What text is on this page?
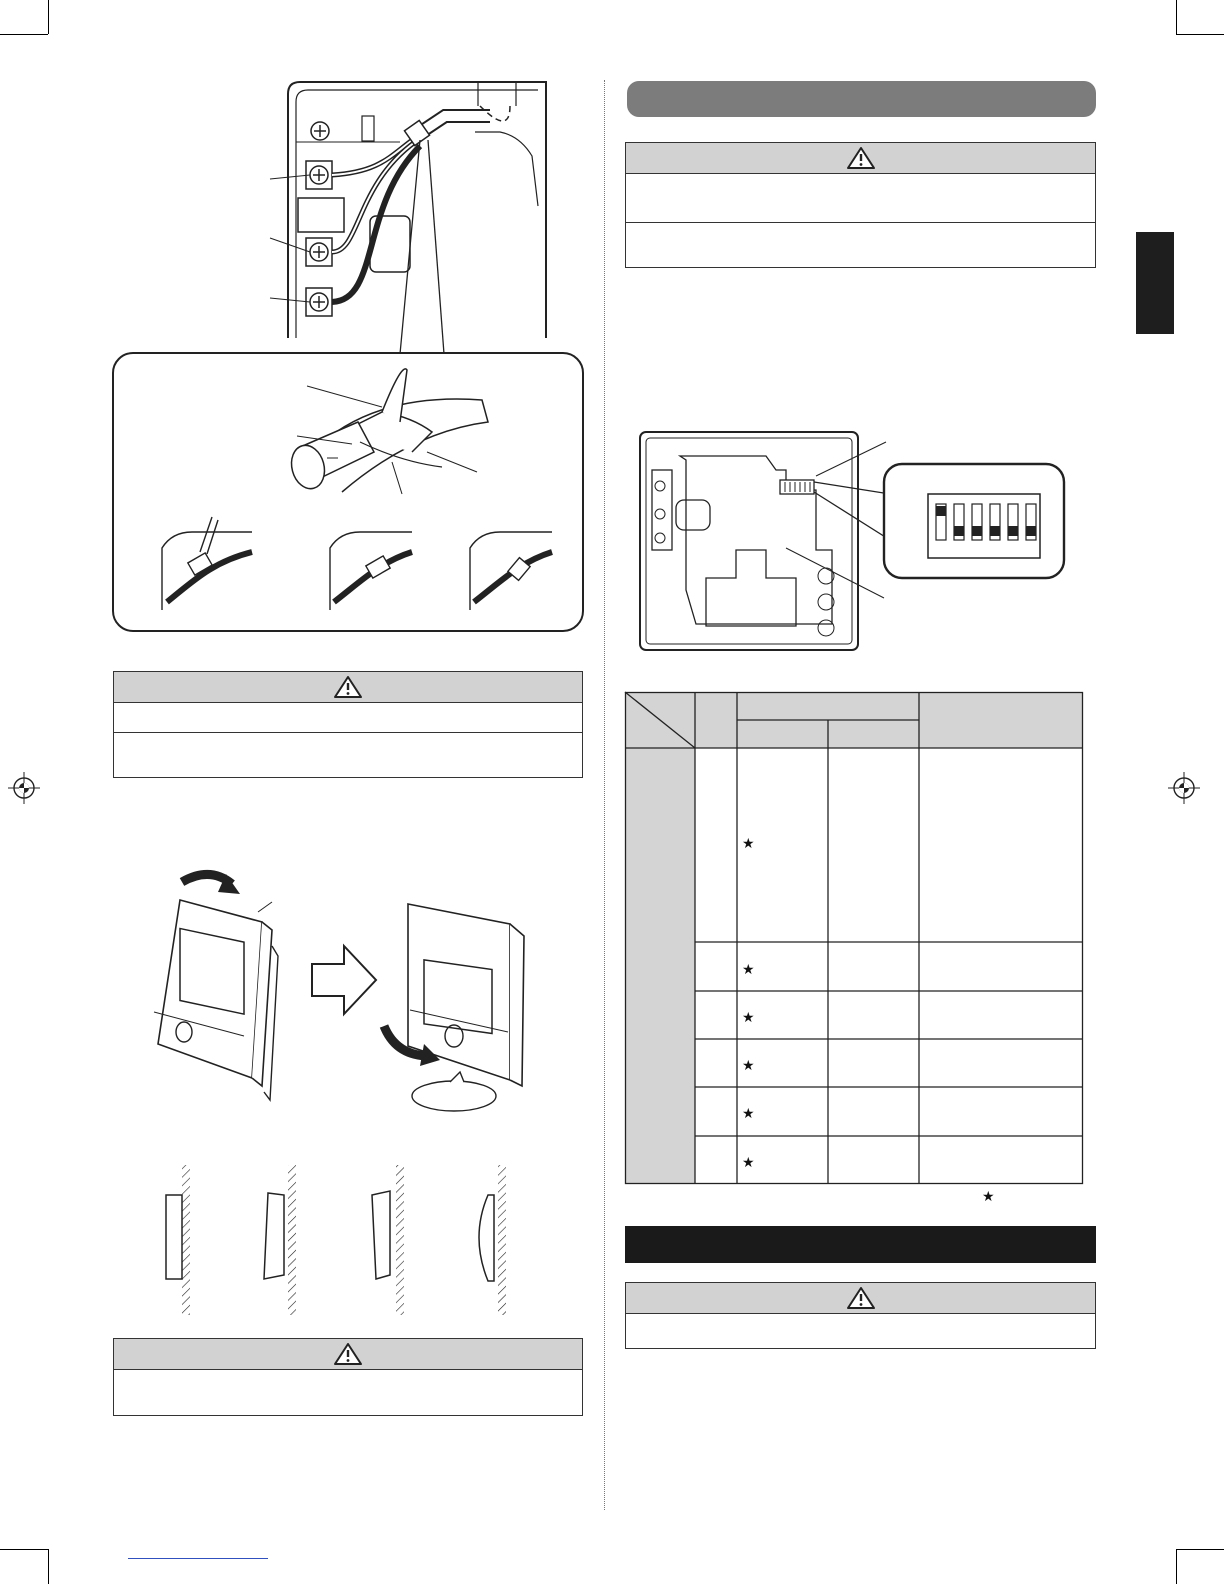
★
★
★
★
★
★
★
